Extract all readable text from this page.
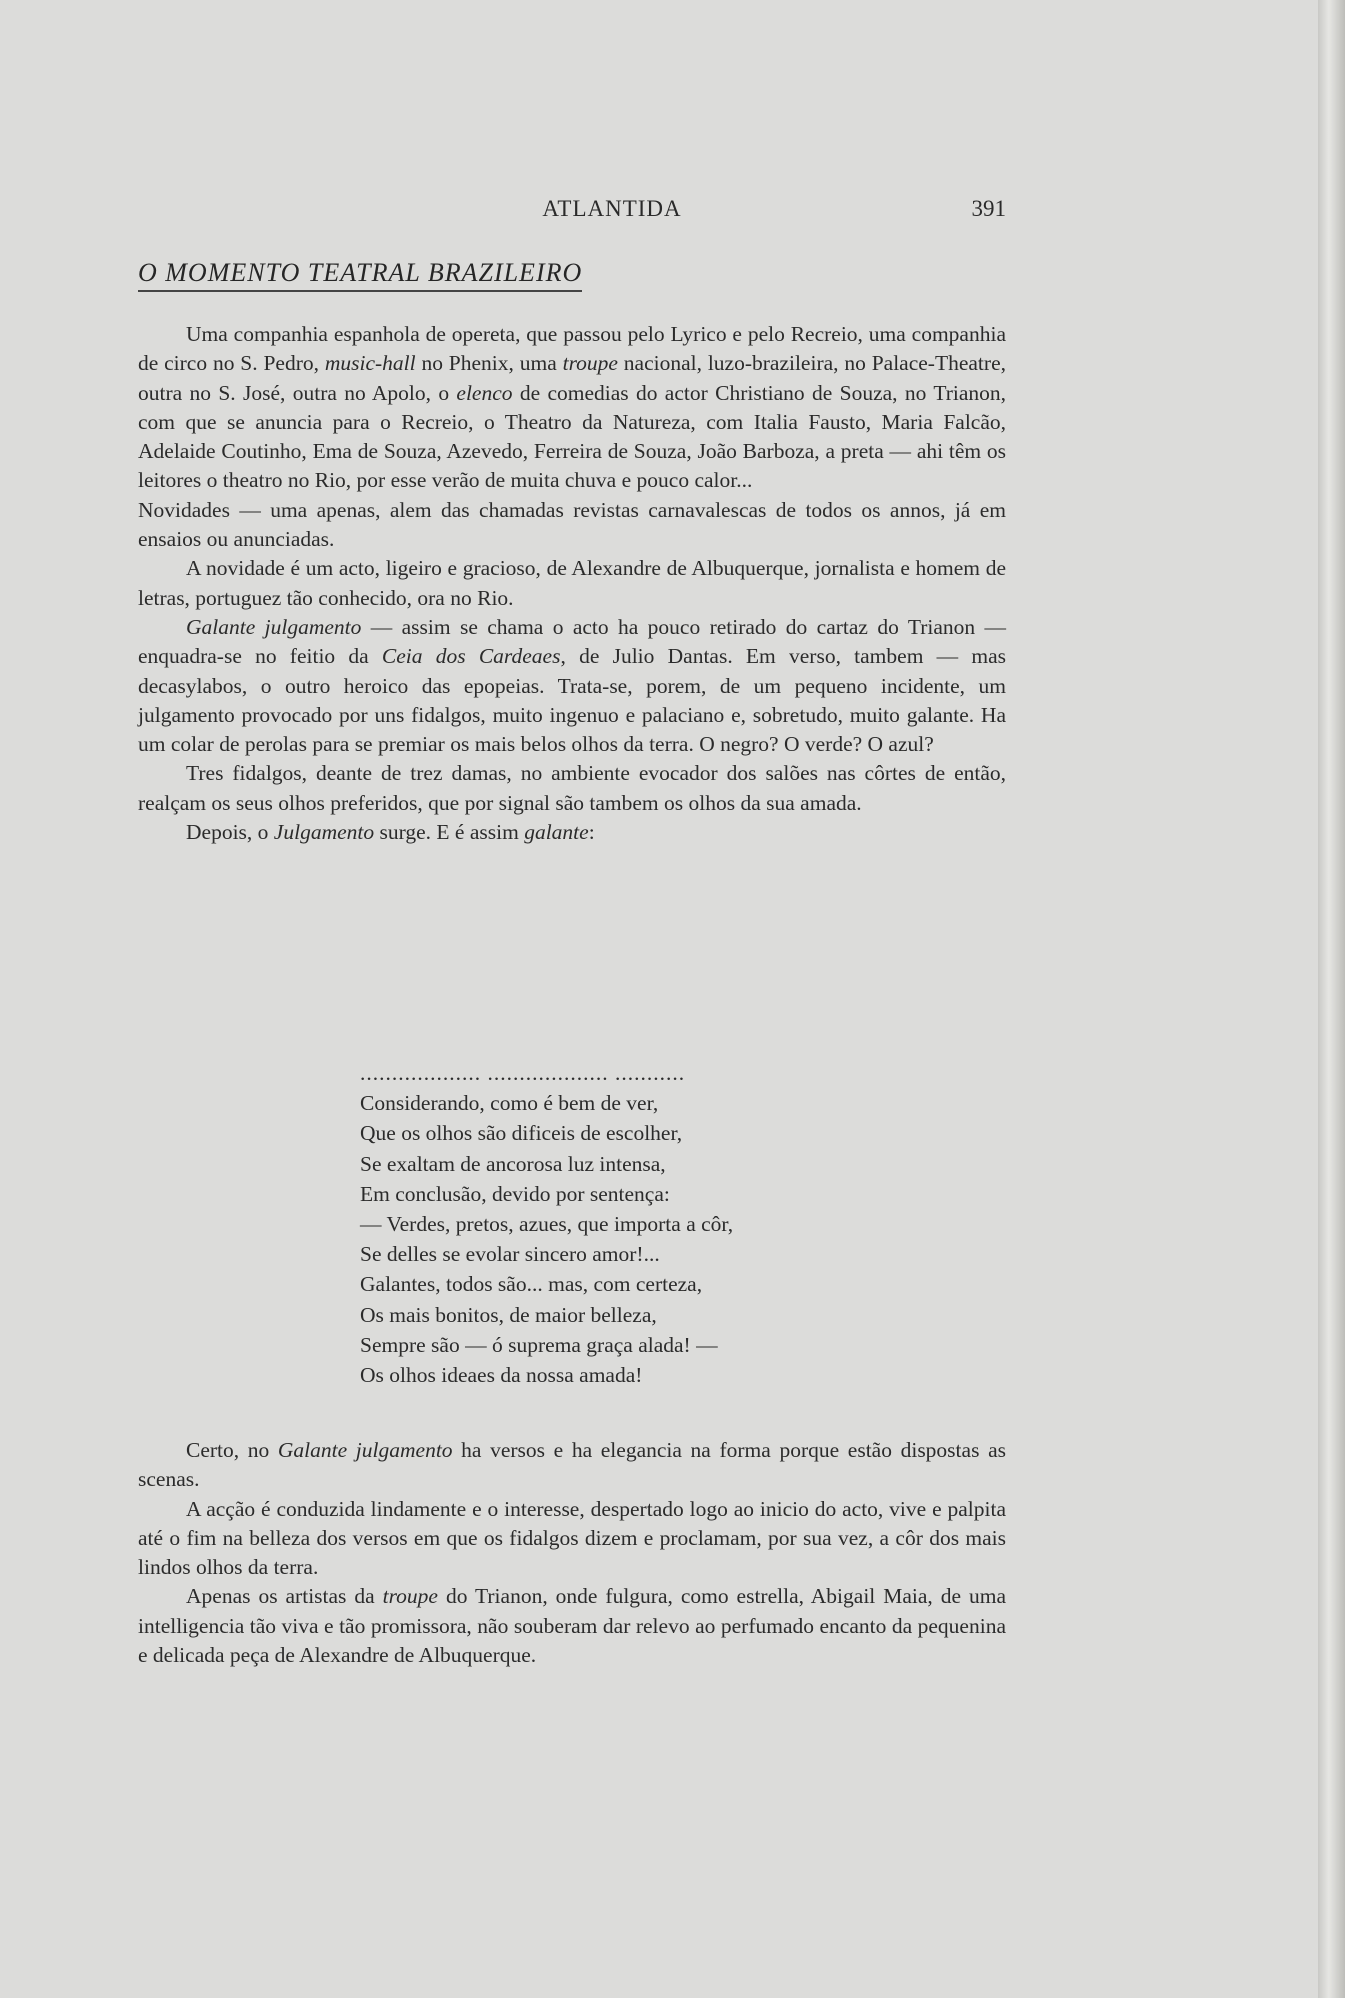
ATLANTIDA	391
O MOMENTO TEATRAL BRAZILEIRO

Uma companhia espanhola de opereta, que passou pelo Lyrico e pelo Recreio, uma companhia de circo no S. Pedro, music-hall no Phenix, uma troupe nacional, luzo-brazileira, no Palace-Theatre, outra no S. José, outra no Apolo, o elenco de comedias do actor Christiano de Souza, no Trianon, com que se anuncia para o Recreio, o Theatro da Natureza, com Italia Fausto, Maria Falcão, Adelaide Coutinho, Ema de Souza, Azevedo, Ferreira de Souza, João Barboza, a preta — ahi têm os leitores o theatro no Rio, por esse verão de muita chuva e pouco calor...

Novidades — uma apenas, alem das chamadas revistas carnavalescas de todos os annos, já em ensaios ou anunciadas.

A novidade é um acto, ligeiro e gracioso, de Alexandre de Albuquerque, jornalista e homem de letras, portuguez tão conhecido, ora no Rio.

Galante julgamento — assim se chama o acto ha pouco retirado do cartaz do Trianon — enquadra-se no feitio da Ceia dos Cardeaes, de Julio Dantas. Em verso, tambem — mas decasylabos, o outro heroico das epopeias. Trata-se, porem, de um pequeno incidente, um julgamento provocado por uns fidalgos, muito ingenuo e palaciano e, sobretudo, muito galante. Ha um colar de perolas para se premiar os mais belos olhos da terra. O negro? O verde? O azul?

Tres fidalgos, deante de trez damas, no ambiente evocador dos salões nas côrtes de então, realçam os seus olhos preferidos, que por signal são tambem os olhos da sua amada.

Depois, o Julgamento surge. E é assim galante:

................... ................... ...........
Considerando, como é bem de ver,
Que os olhos são dificeis de escolher,
Se exaltam de ancorosa luz intensa,
Em conclusão, devido por sentença:
— Verdes, pretos, azues, que importa a côr,
Se delles se evolar sincero amor!...
Galantes, todos são... mas, com certeza,
Os mais bonitos, de maior belleza,
Sempre são — ó suprema graça alada! —
Os olhos ideaes da nossa amada!

Certo, no Galante julgamento ha versos e ha elegancia na forma porque estão dispostas as scenas.

A acção é conduzida lindamente e o interesse, despertado logo ao inicio do acto, vive e palpita até o fim na belleza dos versos em que os fidalgos dizem e proclamam, por sua vez, a côr dos mais lindos olhos da terra.

Apenas os artistas da troupe do Trianon, onde fulgura, como estrella, Abigail Maia, de uma intelligencia tão viva e tão promissora, não souberam dar relevo ao perfumado encanto da pequenina e delicada peça de Alexandre de Albuquerque.
